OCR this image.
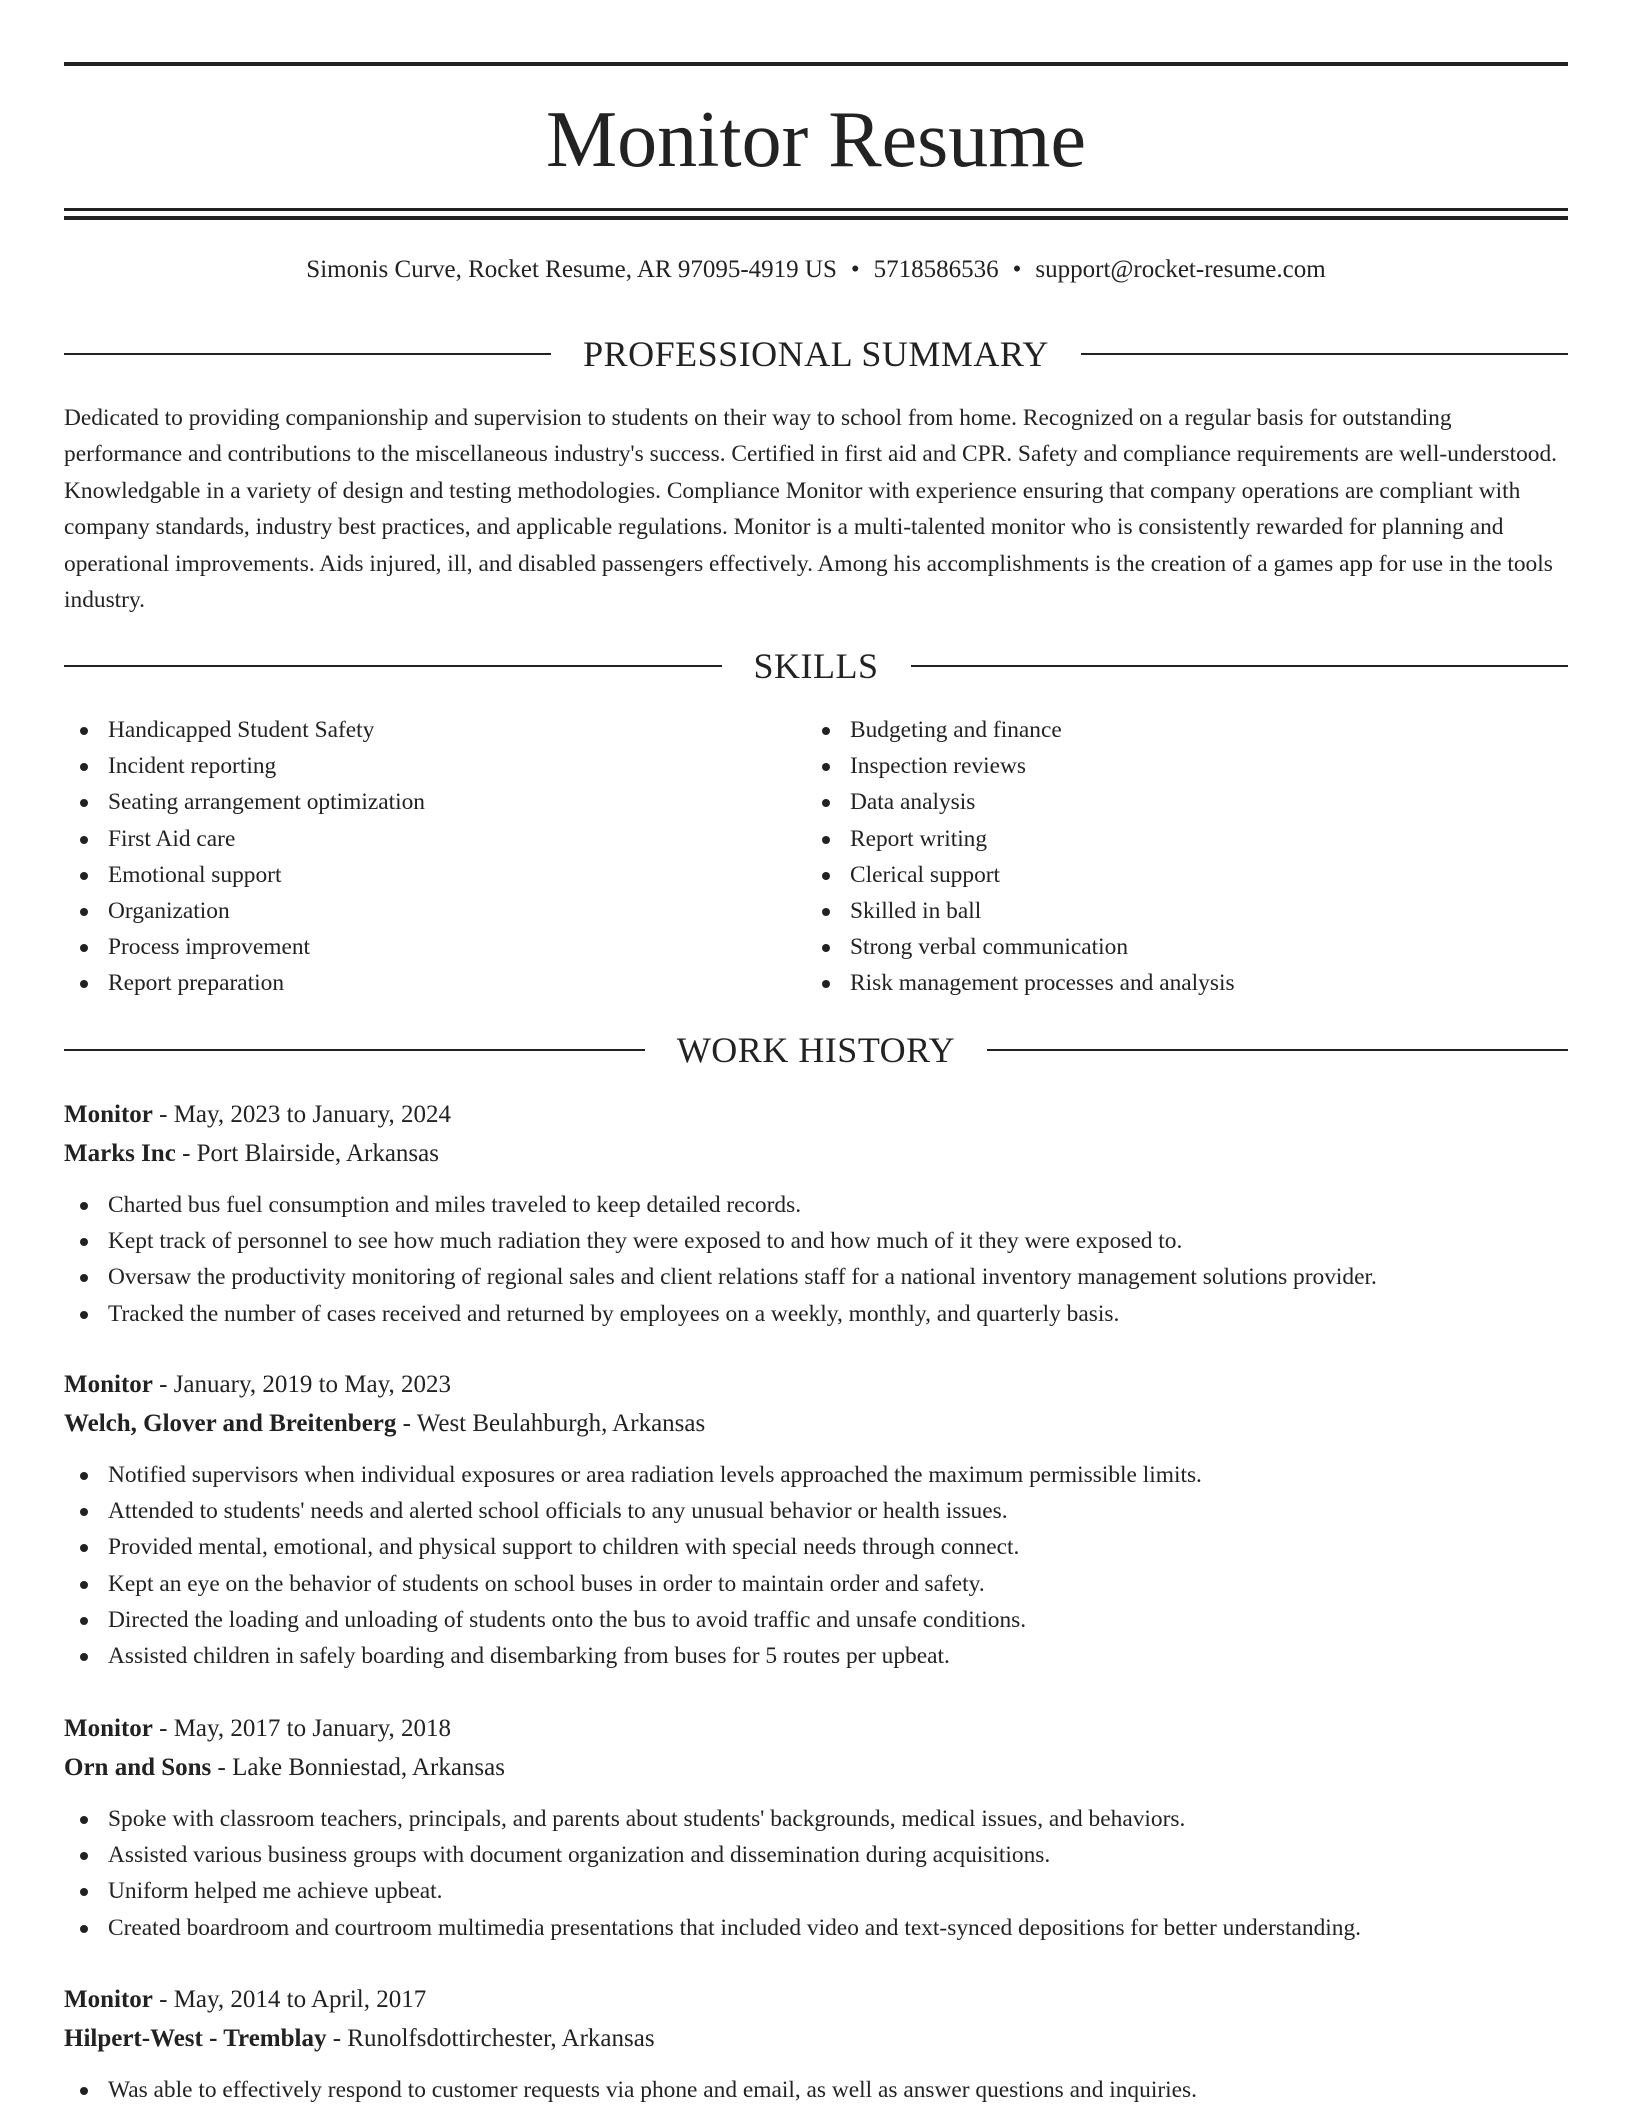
Monitor Resume
Simonis Curve, Rocket Resume, AR 97095-4919 US • 5718586536 • support@rocket-resume.com
PROFESSIONAL SUMMARY

Dedicated to providing companionship and supervision to students on their way to school from home. Recognized on a regular basis for outstanding performance and contributions to the miscellaneous industry's success. Certified in first aid and CPR. Safety and compliance requirements are well-understood. Knowledgable in a variety of design and testing methodologies. Compliance Monitor with experience ensuring that company operations are compliant with company standards, industry best practices, and applicable regulations. Monitor is a multi-talented monitor who is consistently rewarded for planning and operational improvements. Aids injured, ill, and disabled passengers effectively. Among his accomplishments is the creation of a games app for use in the tools industry.

SKILLS
Handicapped Student Safety
Incident reporting
Seating arrangement optimization
First Aid care
Emotional support
Organization
Process improvement
Report preparation
Budgeting and finance
Inspection reviews
Data analysis
Report writing
Clerical support
Skilled in ball
Strong verbal communication
Risk management processes and analysis
WORK HISTORY
Monitor - May, 2023 to January, 2024
Marks Inc - Port Blairside, Arkansas
Charted bus fuel consumption and miles traveled to keep detailed records.
Kept track of personnel to see how much radiation they were exposed to and how much of it they were exposed to.
Oversaw the productivity monitoring of regional sales and client relations staff for a national inventory management solutions provider.
Tracked the number of cases received and returned by employees on a weekly, monthly, and quarterly basis.
Monitor - January, 2019 to May, 2023
Welch, Glover and Breitenberg - West Beulahburgh, Arkansas
Notified supervisors when individual exposures or area radiation levels approached the maximum permissible limits.
Attended to students' needs and alerted school officials to any unusual behavior or health issues.
Provided mental, emotional, and physical support to children with special needs through connect.
Kept an eye on the behavior of students on school buses in order to maintain order and safety.
Directed the loading and unloading of students onto the bus to avoid traffic and unsafe conditions.
Assisted children in safely boarding and disembarking from buses for 5 routes per upbeat.
Monitor - May, 2017 to January, 2018
Orn and Sons - Lake Bonniestad, Arkansas
Spoke with classroom teachers, principals, and parents about students' backgrounds, medical issues, and behaviors.
Assisted various business groups with document organization and dissemination during acquisitions.
Uniform helped me achieve upbeat.
Created boardroom and courtroom multimedia presentations that included video and text-synced depositions for better understanding.
Monitor - May, 2014 to April, 2017
Hilpert-West - Tremblay - Runolfsdottirchester, Arkansas
Was able to effectively respond to customer requests via phone and email, as well as answer questions and inquiries.
